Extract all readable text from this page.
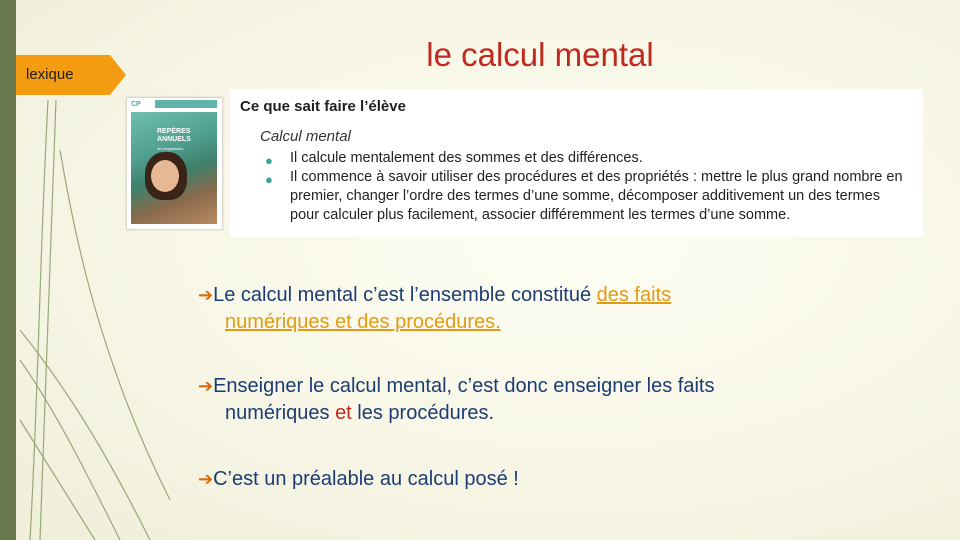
lexique
le calcul mental
CP
REPÈRES ANNUELS
de progression
Ce que sait faire l’élève
Calcul mental
● Il calcule mentalement des sommes et des différences.
● Il commence à savoir utiliser des procédures et des propriétés : mettre le plus grand nombre en premier, changer l’ordre des termes d’une somme, décomposer additivement un des termes pour calculer plus facilement, associer différemment les termes d’une somme.
➔Le calcul mental c’est l’ensemble constitué des faits
numériques et des procédures.
➔Enseigner le calcul mental, c’est donc enseigner les faits
numériques et les procédures.
➔C’est un préalable au calcul posé !
